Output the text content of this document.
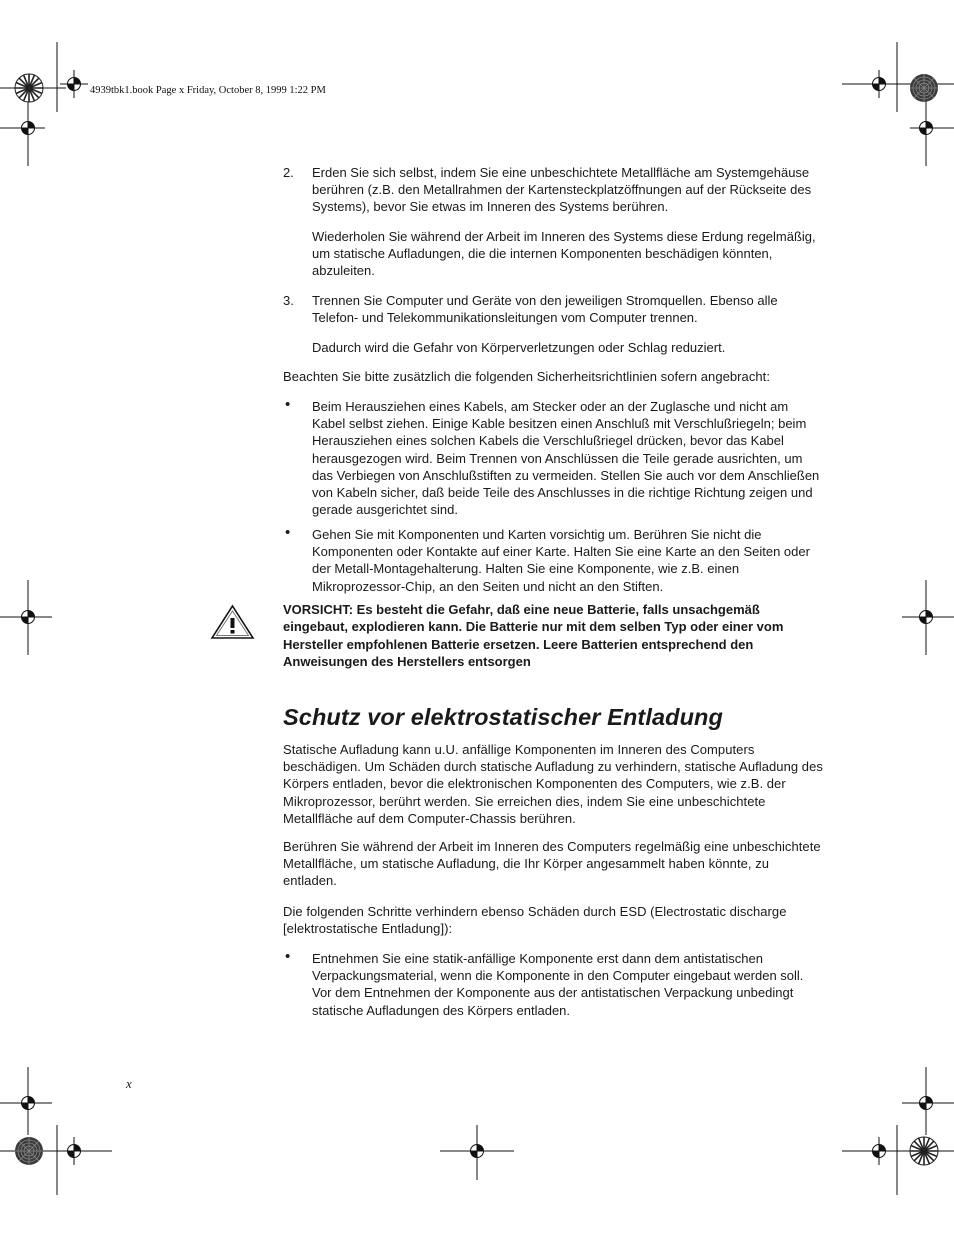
4939tbk1.book Page x Friday, October 8, 1999 1:22 PM
2.	Erden Sie sich selbst, indem Sie eine unbeschichtete Metallfläche am Systemgehäuse berühren (z.B. den Metallrahmen der Kartensteckplatzöffnungen auf der Rückseite des Systems), bevor Sie etwas im Inneren des Systems berühren.

Wiederholen Sie während der Arbeit im Inneren des Systems diese Erdung regelmäßig, um statische Aufladungen, die die internen Komponenten beschädigen könnten, abzuleiten.

3.	Trennen Sie Computer und Geräte von den jeweiligen Stromquellen. Ebenso alle Telefon- und Telekommunikationsleitungen vom Computer trennen.

Dadurch wird die Gefahr von Körperverletzungen oder Schlag reduziert.

Beachten Sie bitte zusätzlich die folgenden Sicherheitsrichtlinien sofern angebracht:

•	Beim Herausziehen eines Kabels, am Stecker oder an der Zuglasche und nicht am Kabel selbst ziehen. Einige Kable besitzen einen Anschluß mit Verschlußriegeln; beim Herausziehen eines solchen Kabels die Verschlußriegel drücken, bevor das Kabel herausgezogen wird. Beim Trennen von Anschlüssen die Teile gerade ausrichten, um das Verbiegen von Anschlußstiften zu vermeiden. Stellen Sie auch vor dem Anschließen von Kabeln sicher, daß beide Teile des Anschlusses in die richtige Richtung zeigen und gerade ausgerichtet sind.

•	Gehen Sie mit Komponenten und Karten vorsichtig um. Berühren Sie nicht die Komponenten oder Kontakte auf einer Karte. Halten Sie eine Karte an den Seiten oder der Metall-Montagehalterung. Halten Sie eine Komponente, wie z.B. einen Mikroprozessor-Chip, an den Seiten und nicht an den Stiften.

VORSICHT: Es besteht die Gefahr, daß eine neue Batterie, falls unsachgemäß eingebaut, explodieren kann. Die Batterie nur mit dem selben Typ oder einer vom Hersteller empfohlenen Batterie ersetzen. Leere Batterien entsprechend den Anweisungen des Herstellers entsorgen
Schutz vor elektrostatischer Entladung

Statische Aufladung kann u.U. anfällige Komponenten im Inneren des Computers beschädigen. Um Schäden durch statische Aufladung zu verhindern, statische Aufladung des Körpers entladen, bevor die elektronischen Komponenten des Computers, wie z.B. der Mikroprozessor, berührt werden. Sie erreichen dies, indem Sie eine unbeschichtete Metallfläche auf dem Computer-Chassis berühren.

Berühren Sie während der Arbeit im Inneren des Computers regelmäßig eine unbeschichtete Metallfläche, um statische Aufladung, die Ihr Körper angesammelt haben könnte, zu entladen.

Die folgenden Schritte verhindern ebenso Schäden durch ESD (Electrostatic discharge [elektrostatische Entladung]):

•	Entnehmen Sie eine statik-anfällige Komponente erst dann dem antistatischen Verpackungsmaterial, wenn die Komponente in den Computer eingebaut werden soll. Vor dem Entnehmen der Komponente aus der antistatischen Verpackung unbedingt statische Aufladungen des Körpers entladen.

x
